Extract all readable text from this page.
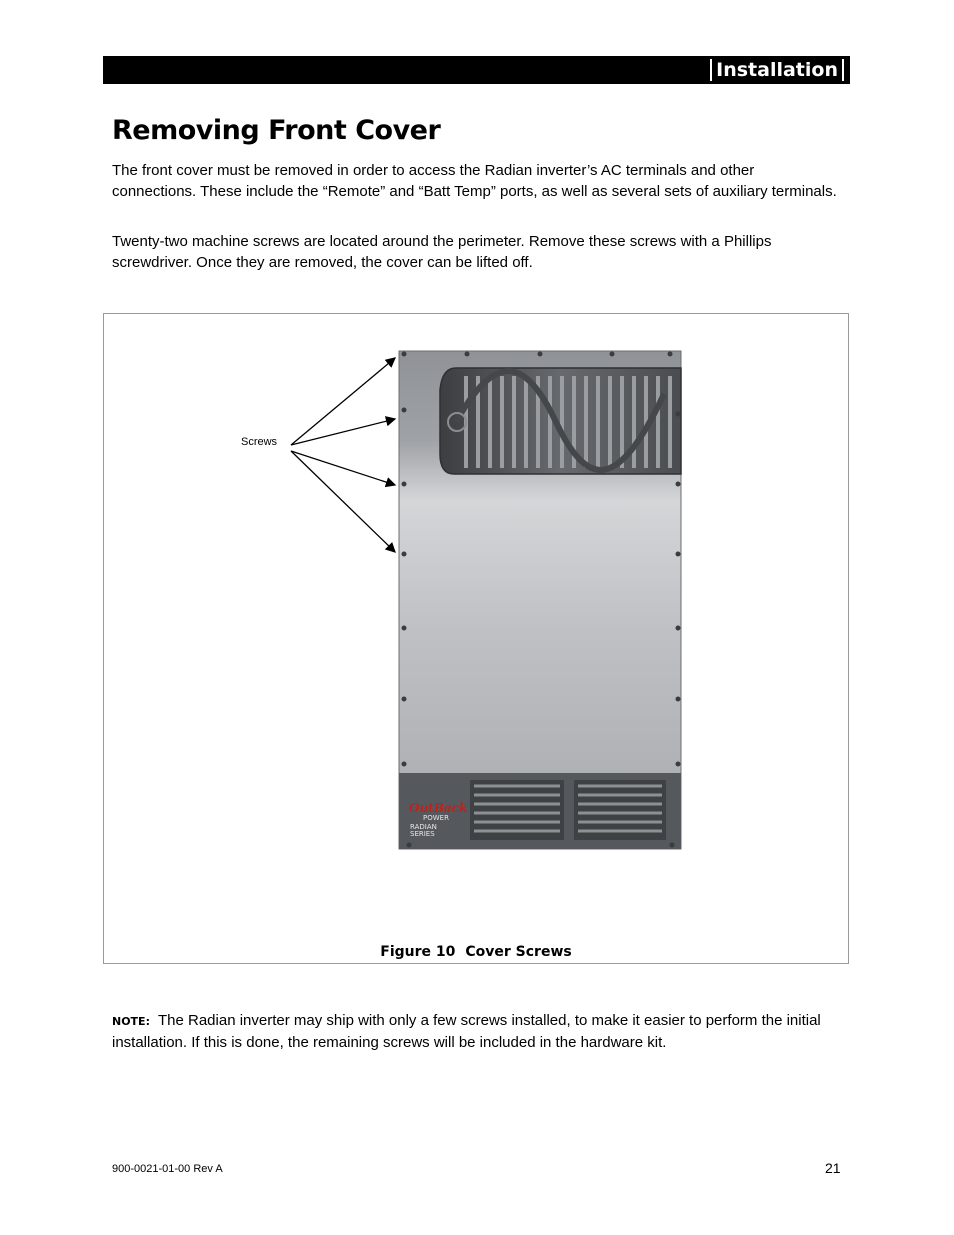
Installation
Removing Front Cover

The front cover must be removed in order to access the Radian inverter’s AC terminals and other connections. These include the “Remote” and “Batt Temp” ports, as well as several sets of auxiliary terminals.

Twenty-two machine screws are located around the perimeter. Remove these screws with a Phillips screwdriver. Once they are removed, the cover can be lifted off.

OutBack
POWER
RADIAN
SERIES
Screws
Figure 10 Cover Screws

NOTE: The Radian inverter may ship with only a few screws installed, to make it easier to perform the initial installation. If this is done, the remaining screws will be included in the hardware kit.

900-0021-01-00 Rev A	21
